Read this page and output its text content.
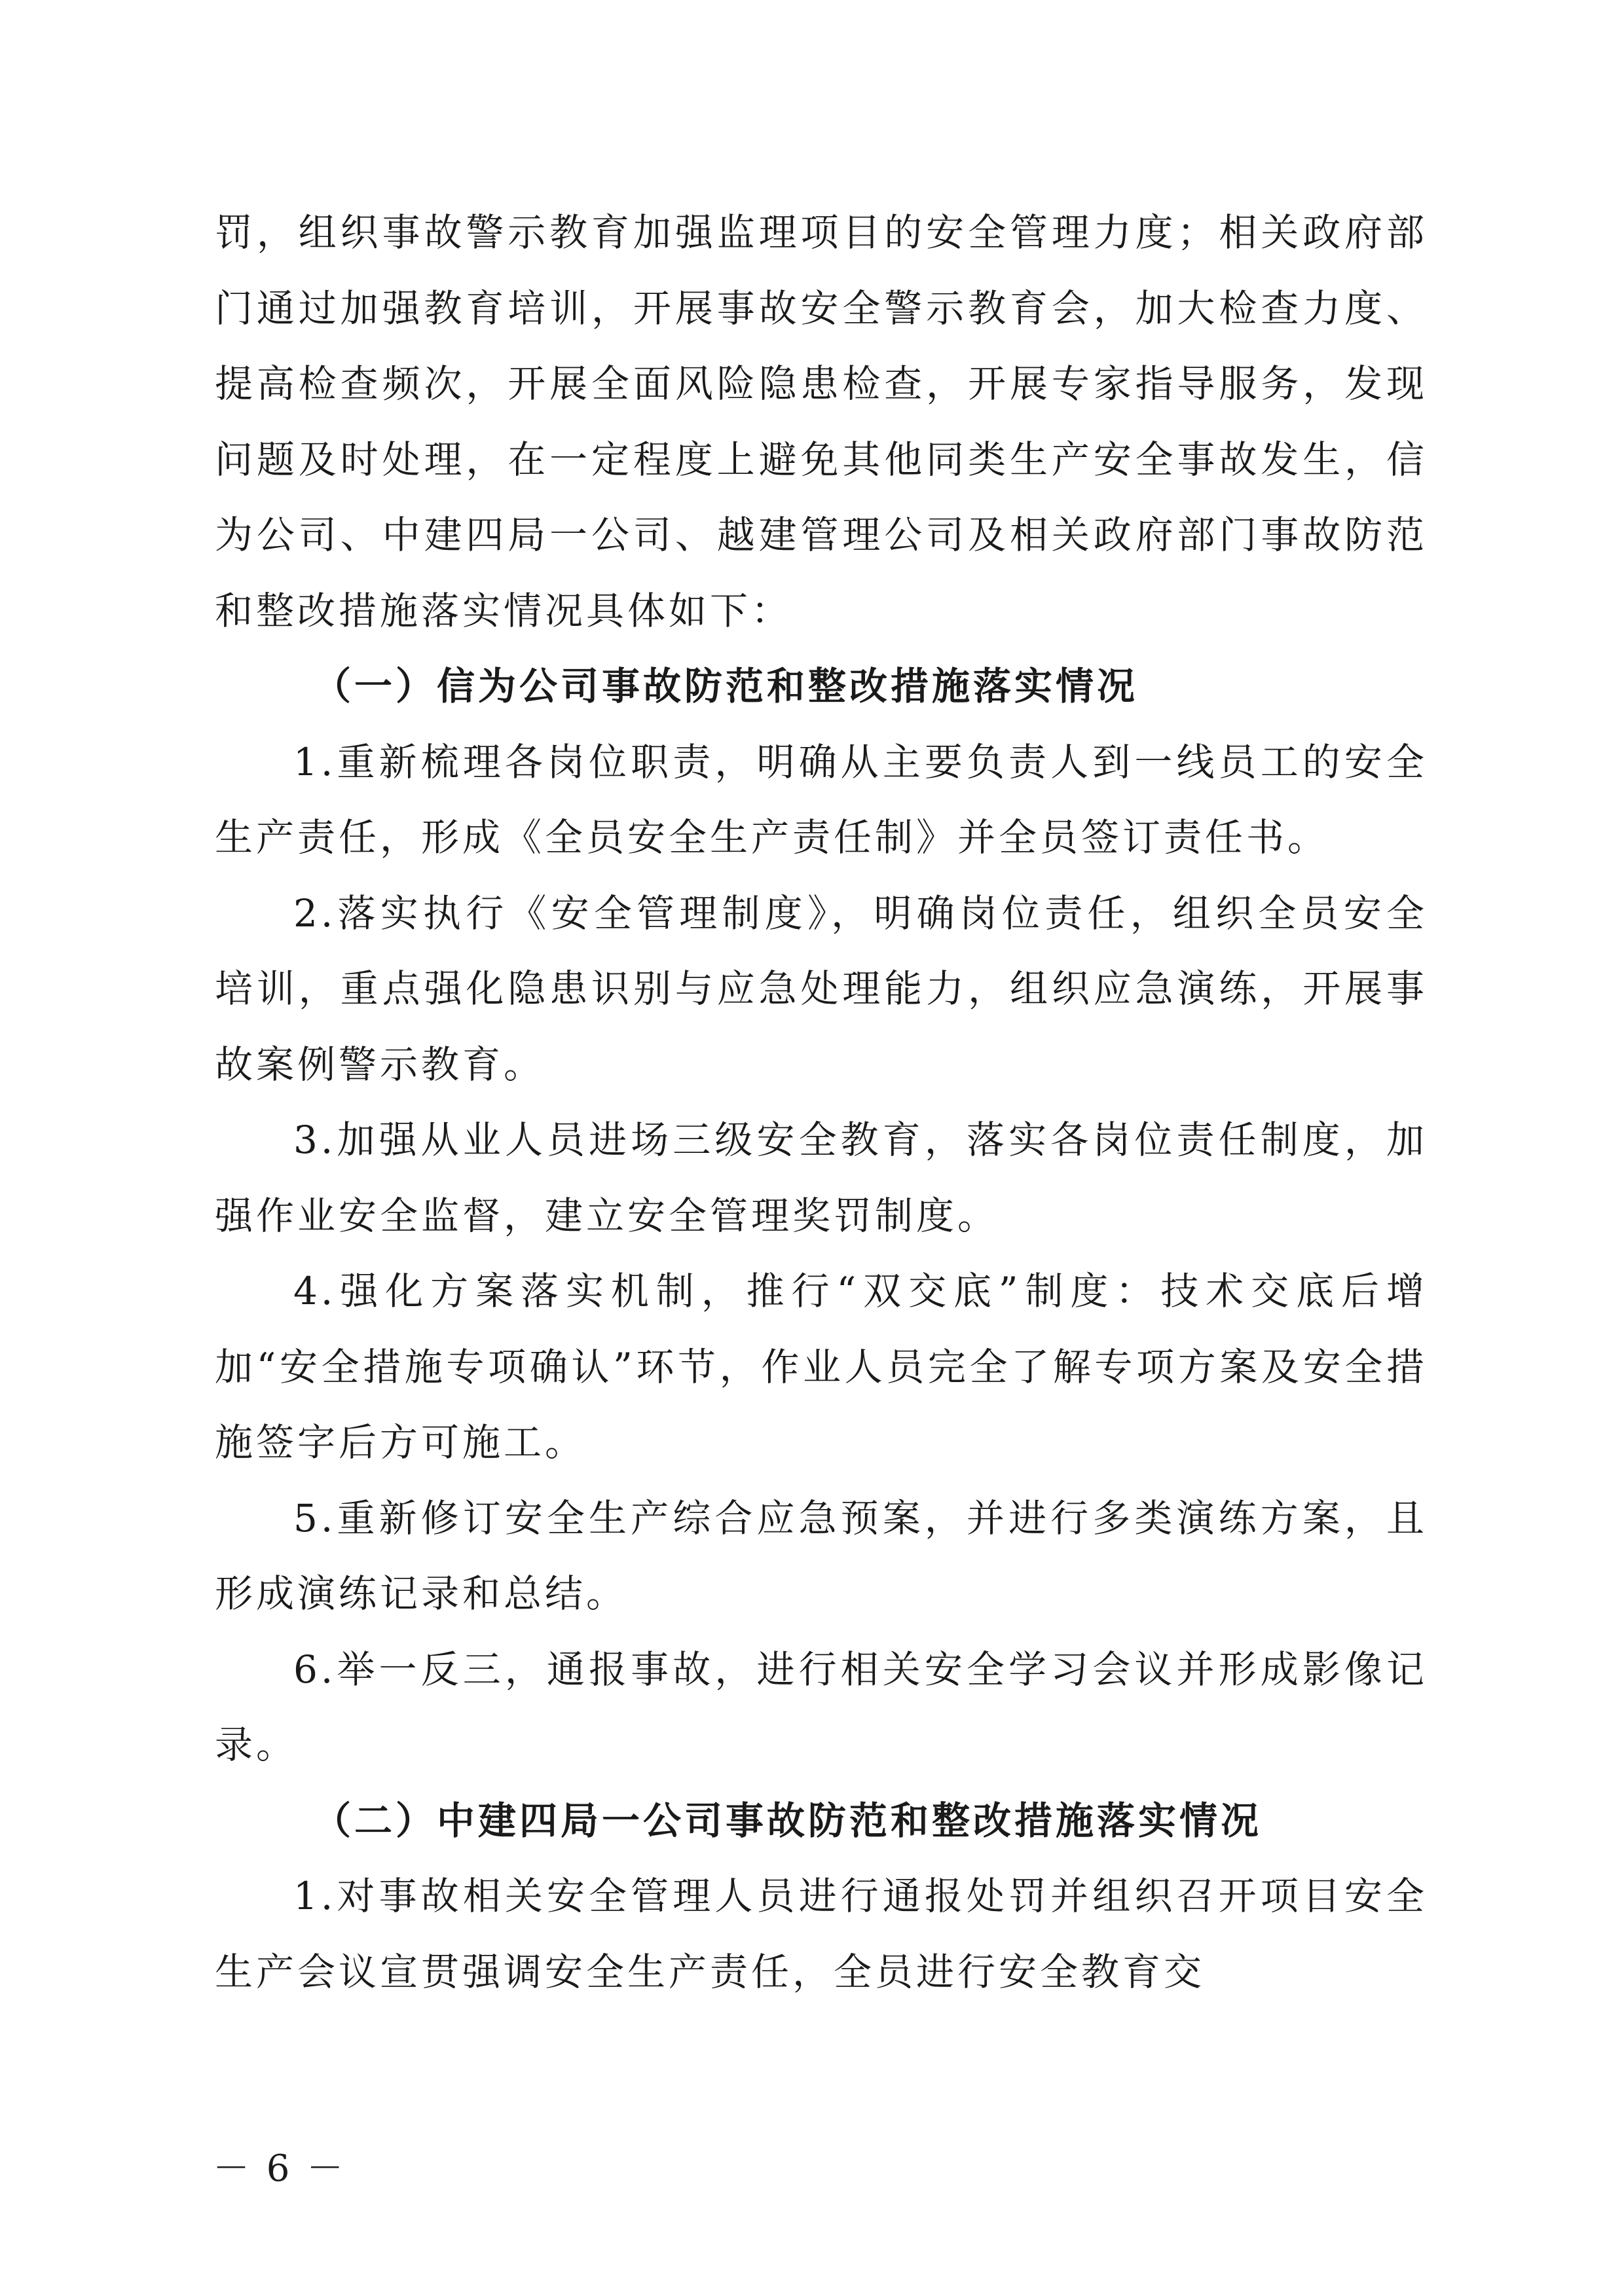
罚，组织事故警示教育加强监理项目的安全管理力度；相关政府部门通过加强教育培训，开展事故安全警示教育会，加大检查力度、提高检查频次，开展全面风险隐患检查，开展专家指导服务，发现问题及时处理，在一定程度上避免其他同类生产安全事故发生，信为公司、中建四局一公司、越建管理公司及相关政府部门事故防范和整改措施落实情况具体如下：

（一）信为公司事故防范和整改措施落实情况

1.重新梳理各岗位职责，明确从主要负责人到一线员工的安全生产责任，形成《全员安全生产责任制》并全员签订责任书。

2.落实执行《安全管理制度》，明确岗位责任，组织全员安全培训，重点强化隐患识别与应急处理能力，组织应急演练，开展事故案例警示教育。

3.加强从业人员进场三级安全教育，落实各岗位责任制度，加强作业安全监督，建立安全管理奖罚制度。

4.强化方案落实机制，推行“双交底”制度：技术交底后增加“安全措施专项确认”环节，作业人员完全了解专项方案及安全措施签字后方可施工。

5.重新修订安全生产综合应急预案，并进行多类演练方案，且形成演练记录和总结。

6.举一反三，通报事故，进行相关安全学习会议并形成影像记录。

（二）中建四局一公司事故防范和整改措施落实情况

1.对事故相关安全管理人员进行通报处罚并组织召开项目安全生产会议宣贯强调安全生产责任，全员进行安全教育交

－ 6 －
